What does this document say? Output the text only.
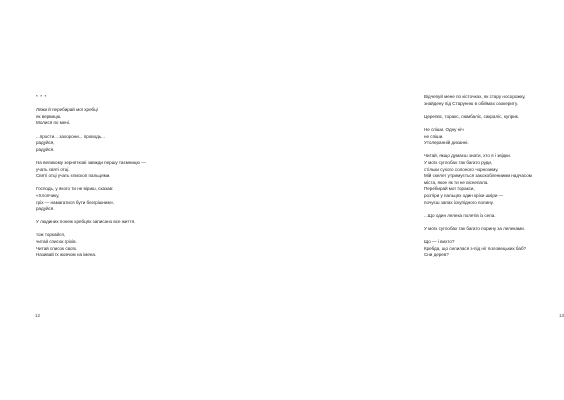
* * *
Ляжи й перебирай мої хребці
як вервицю.
Молися по мені.
...прости... захорони... проводь...
радуйся,
радуйся.
На великому зерняткові завжди першу таємницю —
учать святі отці.
Святі отці учать єпископ пальцями.
Господь, у якого ти не віриш, сказав:
«Хлопчику,
гріх — намагатися бути безгрішним»,
радуйся.
У людиних понеж хребцях записано все життя.
тож торкайся,
читай список гріхів.
Читай список своїх.
Називай їх жовчом на імена.
12
Відчепуй мене по кісточках, як стару носорожку,
знайдену під Старунню в обіймах озокериту.
Церепвс, торакс, люмбаліс, сакраліс, куприк.
Не спіши. Одну ніч
не спіши.
Утолеранній диханні.
Читай, якщо думаєш знати, хто я і звідки.
У моїх суглобах так багато руди,
стільки сухого солоного чорнозему.
Мій скелет утримується закохоблениими надчасом
міста, якое як ти не віснепала.
Перебирай мої торакси,
розтіри у пальцях один кріхи шкіри —
почуєш запах іскупідного полину.
...Що один лелека полетів із села.
У моїх суглобах так багато порину за лелеками.
Що — і вихто?
Кребда, що силилася з-під ніг половецьких баб?
Сни дерев?
13
